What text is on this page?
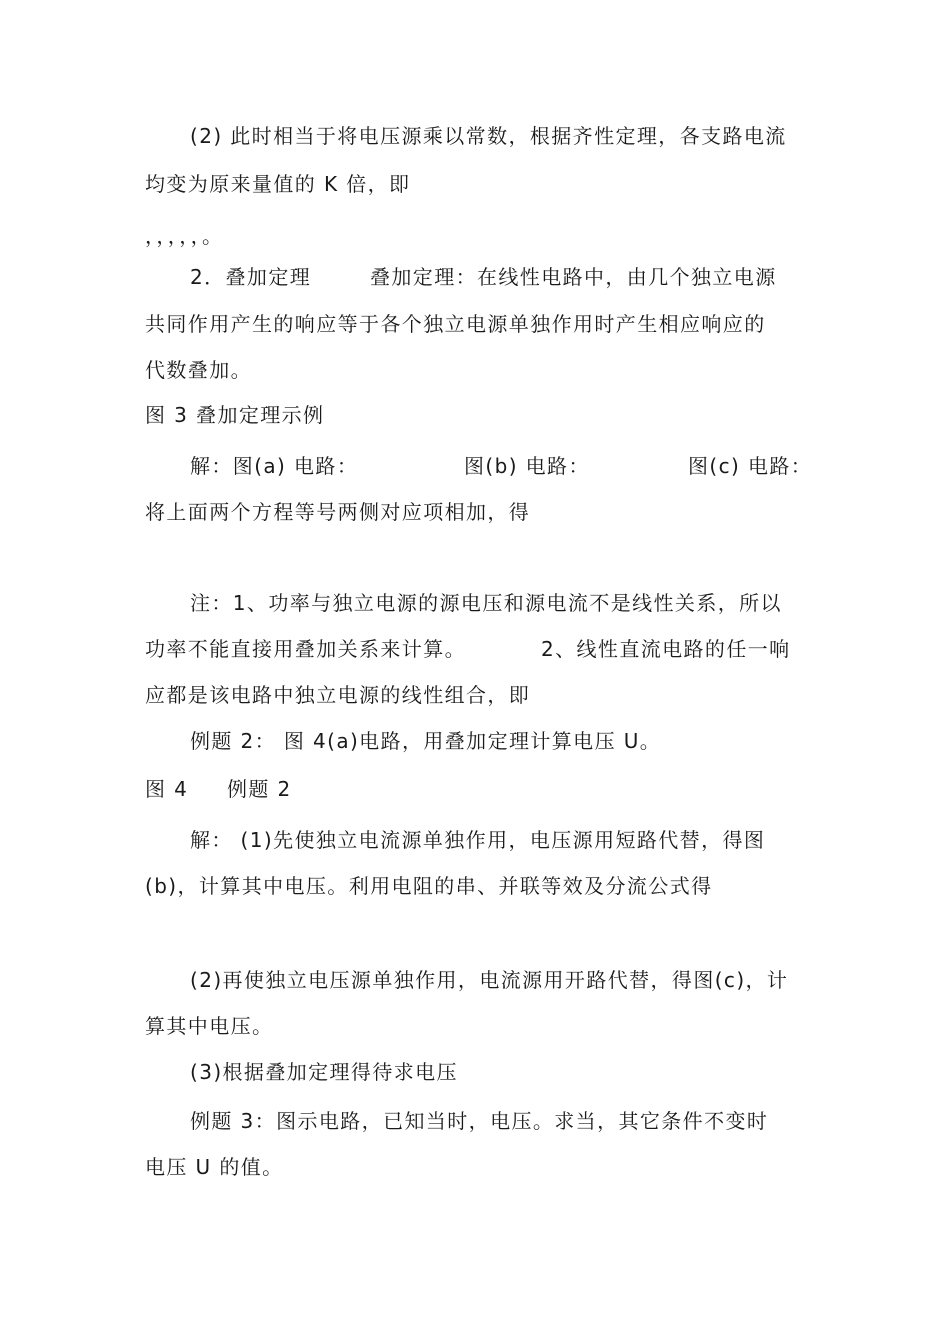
(2) 此时相当于将电压源乘以常数，根据齐性定理，各支路电流
均变为原来量值的 K 倍，即
，，，，，。
2．叠加定理	叠加定理：在线性电路中，由几个独立电源
共同作用产生的响应等于各个独立电源单独作用时产生相应响应的
代数叠加。
图 3 叠加定理示例
解：图(a) 电路：	图(b) 电路：	图(c) 电路：
将上面两个方程等号两侧对应项相加，得
注：1、功率与独立电源的源电压和源电流不是线性关系，所以
功率不能直接用叠加关系来计算。	2、线性直流电路的任一响
应都是该电路中独立电源的线性组合，即
例题 2： 图 4(a)电路，用叠加定理计算电压 U。
图 4 例题 2
解： (1)先使独立电流源单独作用，电压源用短路代替，得图
(b)，计算其中电压。利用电阻的串、并联等效及分流公式得
(2)再使独立电压源单独作用，电流源用开路代替，得图(c)，计
算其中电压。
(3)根据叠加定理得待求电压
例题 3：图示电路，已知当时，电压。求当，其它条件不变时
电压 U 的值。
